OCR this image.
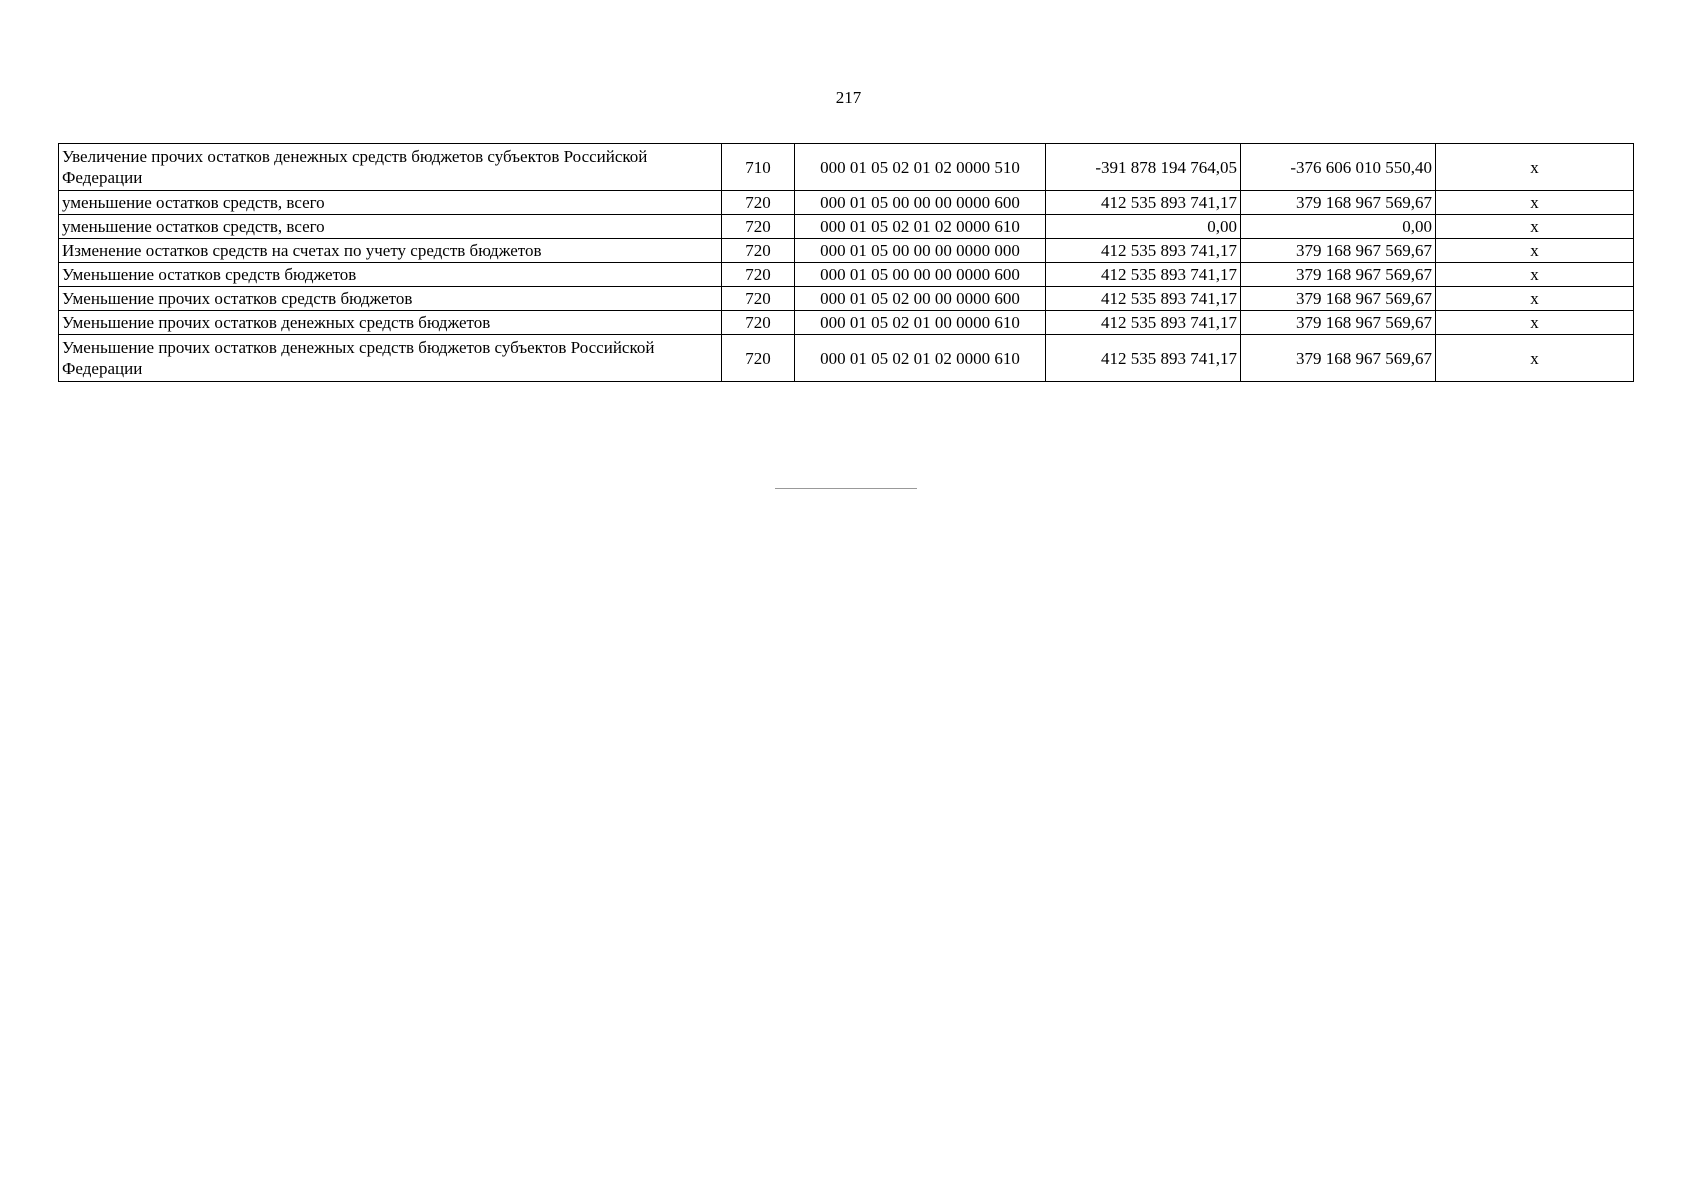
217
Увеличение прочих остатков денежных средств бюджетов субъектов Российской Федерации	710	000 01 05 02 01 02 0000 510	-391 878 194 764,05	-376 606 010 550,40	x
уменьшение остатков средств, всего	720	000 01 05 00 00 00 0000 600	412 535 893 741,17	379 168 967 569,67	x
уменьшение остатков средств, всего	720	000 01 05 02 01 02 0000 610	0,00	0,00	x
Изменение остатков средств на счетах по учету средств бюджетов	720	000 01 05 00 00 00 0000 000	412 535 893 741,17	379 168 967 569,67	x
Уменьшение остатков средств бюджетов	720	000 01 05 00 00 00 0000 600	412 535 893 741,17	379 168 967 569,67	x
Уменьшение прочих остатков средств бюджетов	720	000 01 05 02 00 00 0000 600	412 535 893 741,17	379 168 967 569,67	x
Уменьшение прочих остатков денежных средств бюджетов	720	000 01 05 02 01 00 0000 610	412 535 893 741,17	379 168 967 569,67	x
Уменьшение прочих остатков денежных средств бюджетов субъектов Российской Федерации	720	000 01 05 02 01 02 0000 610	412 535 893 741,17	379 168 967 569,67	x
